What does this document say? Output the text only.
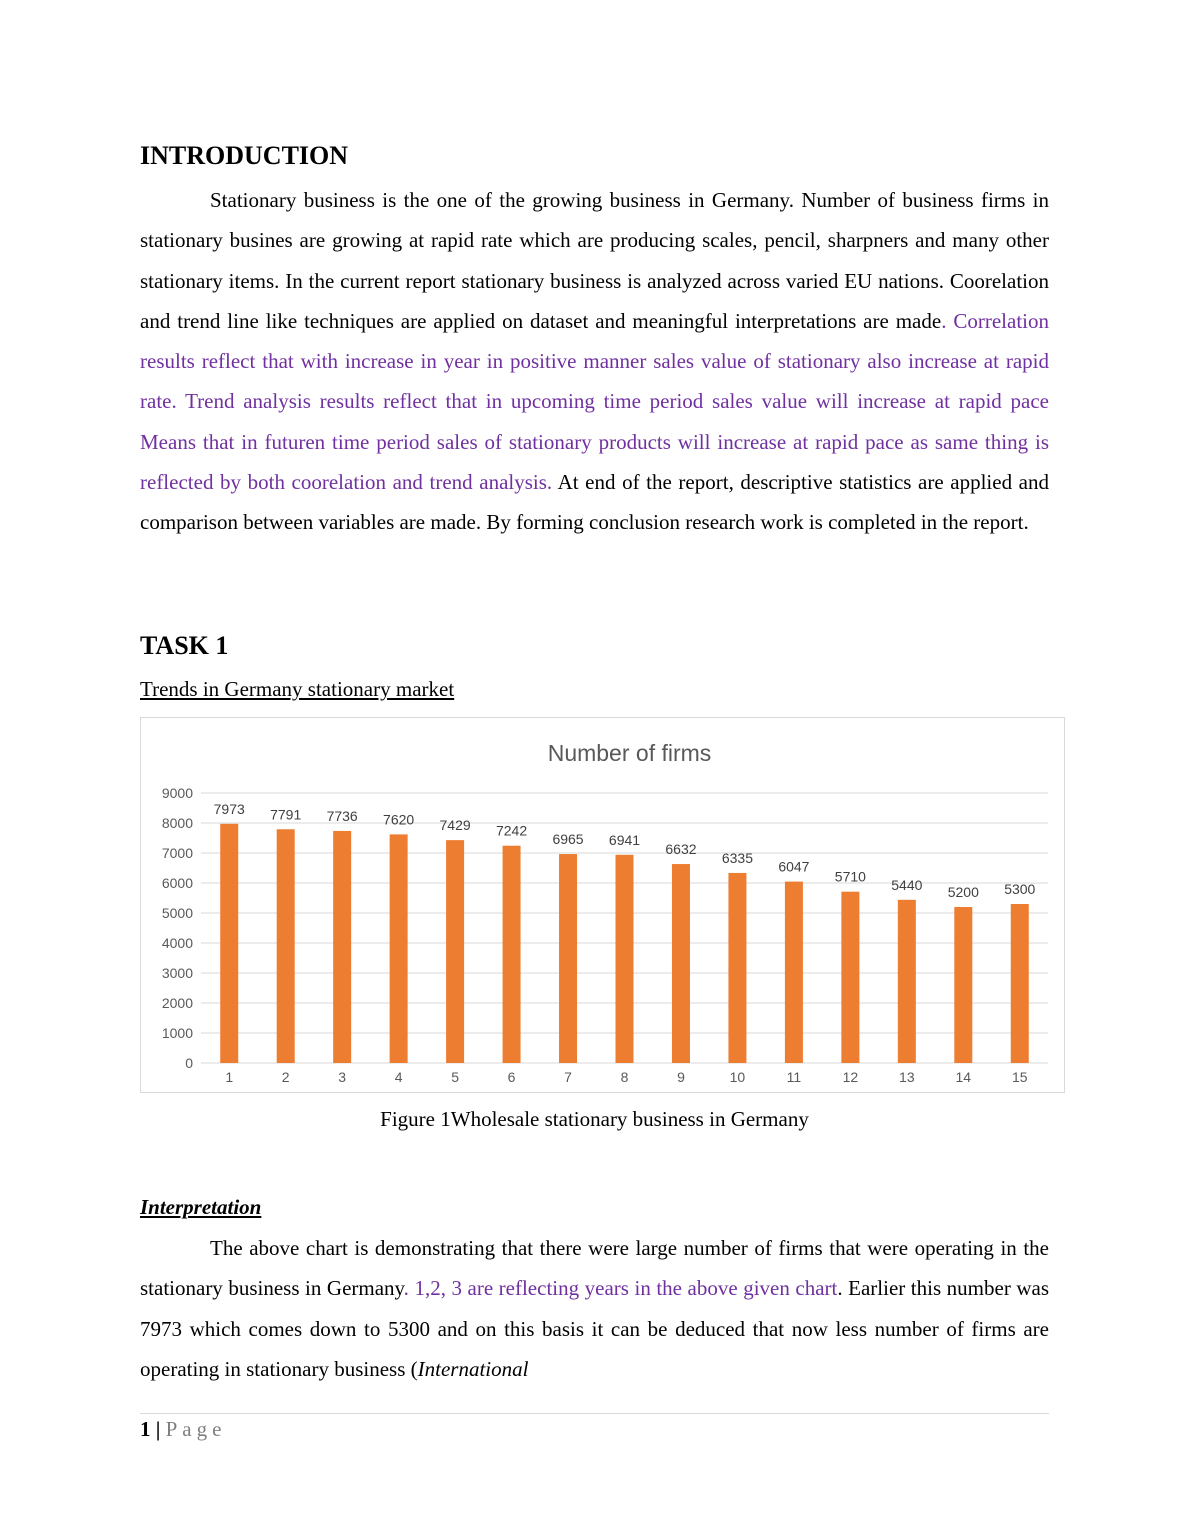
INTRODUCTION

Stationary business is the one of the growing business in Germany. Number of business firms in stationary busines are growing at rapid rate which are producing scales, pencil, sharpners and many other stationary items. In the current report stationary business is analyzed across varied EU nations. Coorelation and trend line like techniques are applied on dataset and meaningful interpretations are made. Correlation results reflect that with increase in year in positive manner sales value of stationary also increase at rapid rate. Trend analysis results reflect that in upcoming time period sales value will increase at rapid pace Means that in futuren time period sales of stationary products will increase at rapid pace as same thing is reflected by both coorelation and trend analysis. At end of the report, descriptive statistics are applied and comparison between variables are made. By forming conclusion research work is completed in the report.

TASK 1

Trends in Germany stationary market

Number of firms
0
1000
2000
3000
4000
5000
6000
7000
8000
9000
7973
1
7791
2
7736
3
7620
4
7429
5
7242
6
6965
7
6941
8
6632
9
6335
10
6047
11
5710
12
5440
13
5200
14
5300
15

Figure 1Wholesale stationary business in Germany

Interpretation

The above chart is demonstrating that there were large number of firms that were operating in the stationary business in Germany. 1,2, 3 are reflecting years in the above given chart. Earlier this number was 7973 which comes down to 5300 and on this basis it can be deduced that now less number of firms are operating in stationary business (International

1 | Page
